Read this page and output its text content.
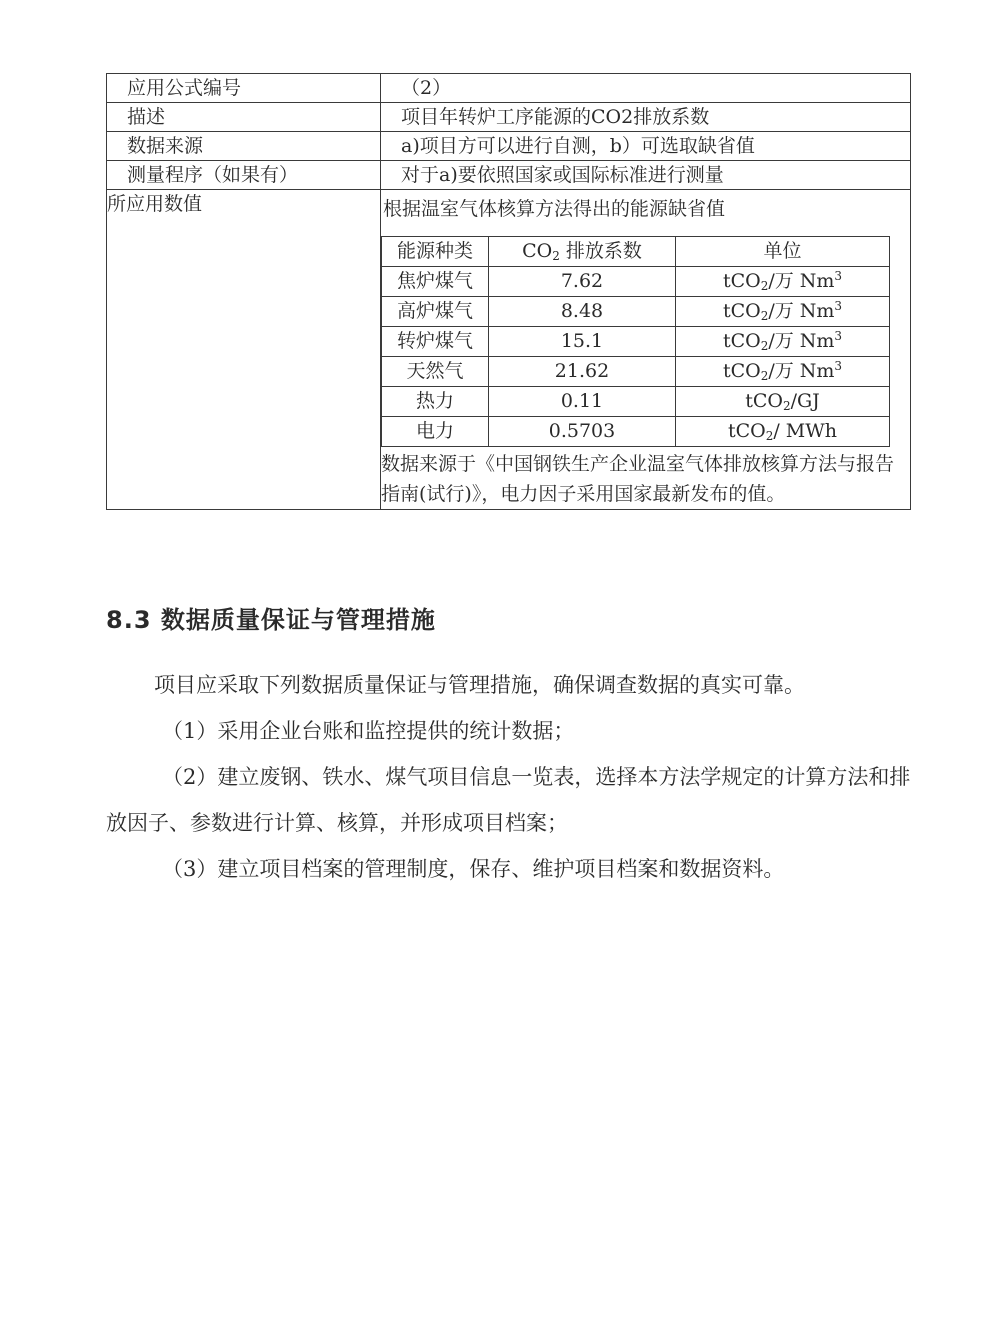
应用公式编号	（2）
描述	项目年转炉工序能源的CO2排放系数
数据来源	a)项目方可以进行自测，b）可选取缺省值
测量程序（如果有）	对于a)要依照国家或国际标准进行测量
所应用数值	根据温室气体核算方法得出的能源缺省值
能源种类	$CO_2$ 排放系数	单位
焦炉煤气	7.62	tCO$_2$/万 Nm$^3$
高炉煤气	8.48	tCO$_2$/万 Nm$^3$
转炉煤气	15.1	tCO$_2$/万 Nm$^3$
天然气	21.62	tCO$_2$/万 Nm$^3$
热力	0.11	tCO$_2$/GJ
电力	0.5703	tCO$_2$/ MWh
数据来源于《中国钢铁生产企业温室气体排放核算方法与报告指南(试行)》，电力因子采用国家最新发布的值。
8.3 数据质量保证与管理措施

项目应采取下列数据质量保证与管理措施，确保调查数据的真实可靠。

（1）采用企业台账和监控提供的统计数据；

（2）建立废钢、铁水、煤气项目信息一览表，选择本方法学规定的计算方法和排放因子、参数进行计算、核算，并形成项目档案；

（3）建立项目档案的管理制度，保存、维护项目档案和数据资料。
